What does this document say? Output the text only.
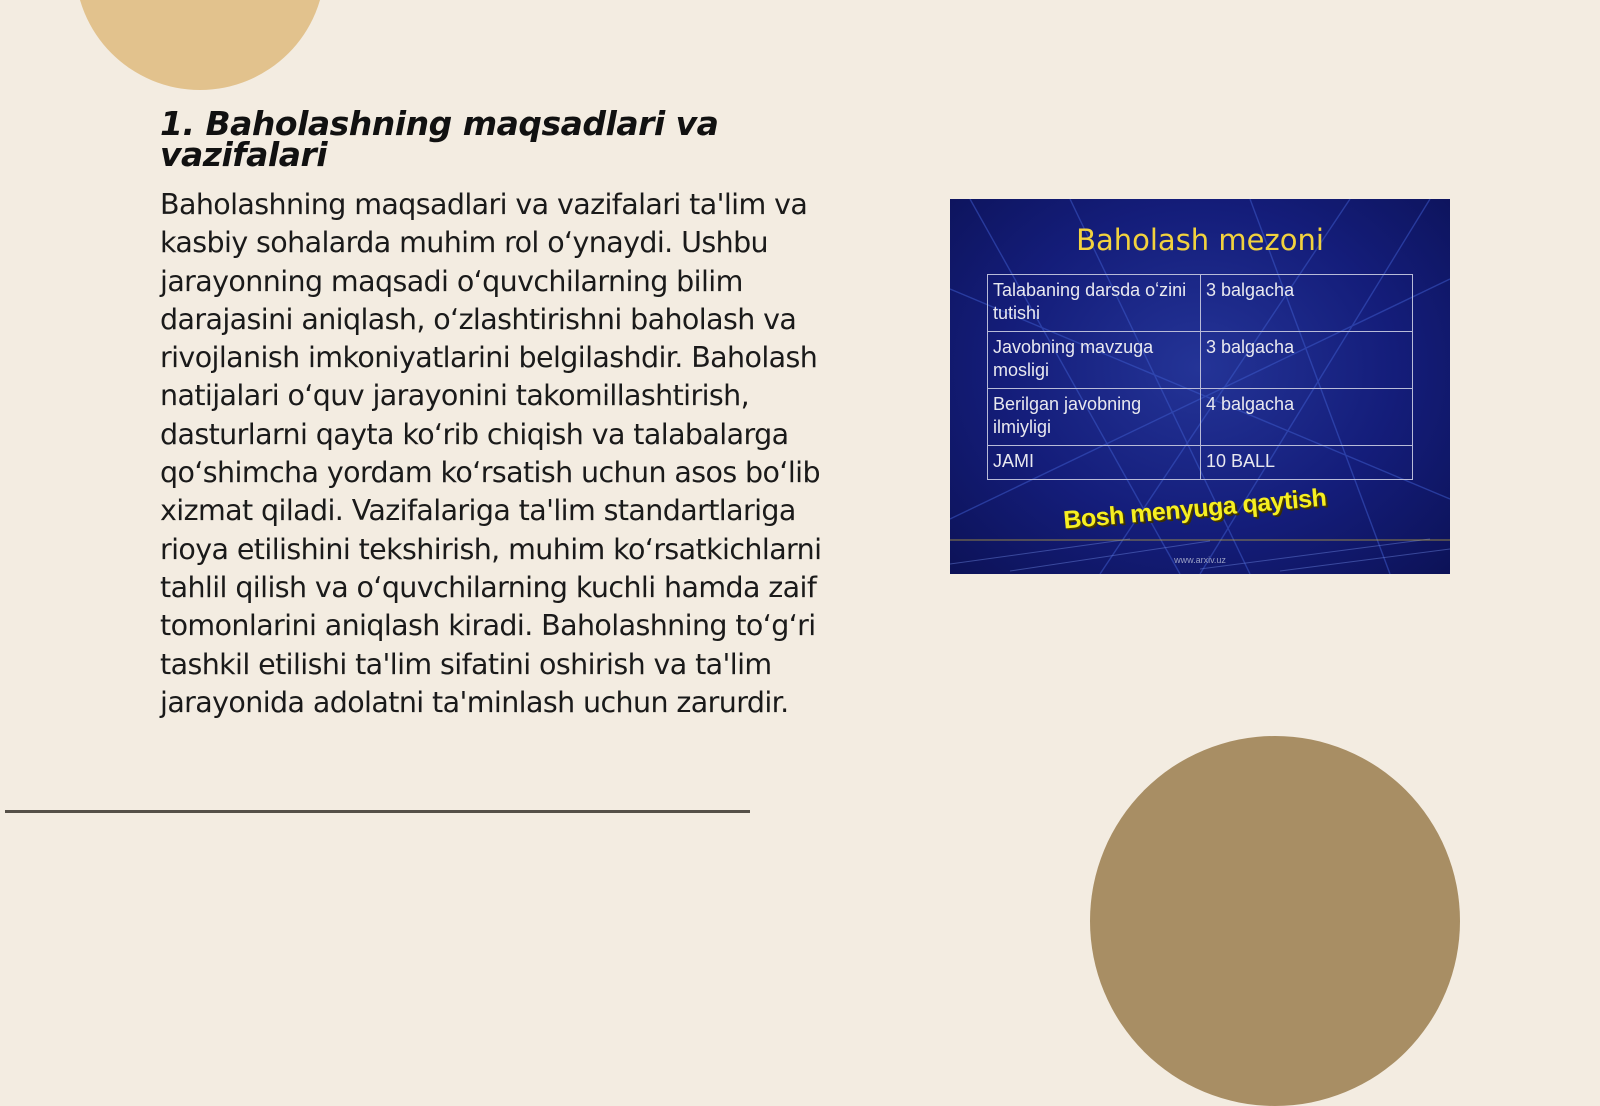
1. Baholashning maqsadlari va vazifalari

Baholashning maqsadlari va vazifalari ta'lim va kasbiy sohalarda muhim rol oʻynaydi. Ushbu jarayonning maqsadi oʻquvchilarning bilim darajasini aniqlash, oʻzlashtirishni baholash va rivojlanish imkoniyatlarini belgilashdir. Baholash natijalari oʻquv jarayonini takomillashtirish, dasturlarni qayta koʻrib chiqish va talabalarga qoʻshimcha yordam koʻrsatish uchun asos boʻlib xizmat qiladi. Vazifalariga ta'lim standartlariga rioya etilishini tekshirish, muhim koʻrsatkichlarni tahlil qilish va oʻquvchilarning kuchli hamda zaif tomonlarini aniqlash kiradi. Baholashning toʻgʻri tashkil etilishi ta'lim sifatini oshirish va ta'lim jarayonida adolatni ta'minlash uchun zarurdir.

Baholash mezoni
Talabaning darsda oʻzini tutishi	3 balgacha
Javobning mavzuga mosligi	3 balgacha
Berilgan javobning ilmiyligi	4 balgacha
JAMI	10 BALL
Bosh menyuga qaytish
www.arxiv.uz
